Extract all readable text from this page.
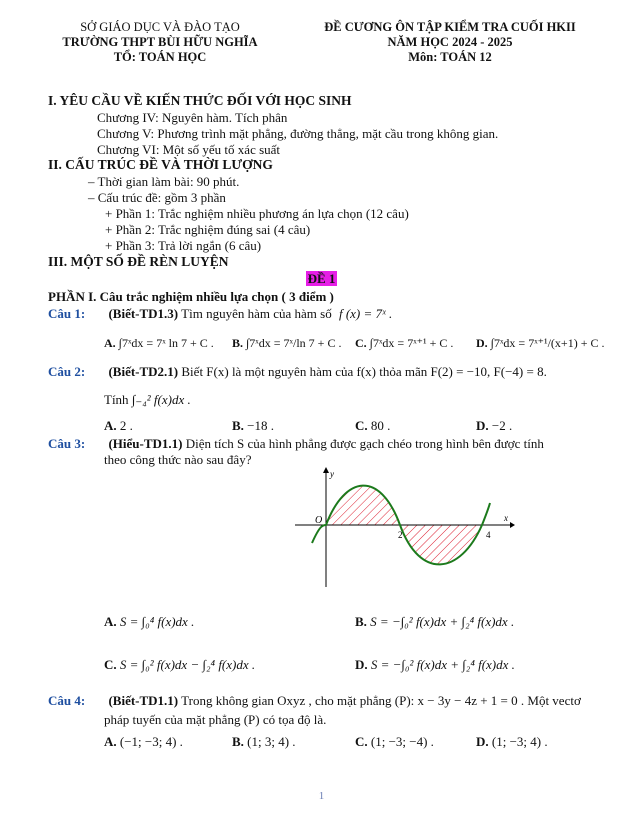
SỞ GIÁO DỤC VÀ ĐÀO TẠO
TRƯỜNG THPT BÙI HỮU NGHĨA
TỔ: TOÁN HỌC
ĐỀ CƯƠNG ÔN TẬP KIỂM TRA CUỐI HKII
NĂM HỌC 2024 - 2025
Môn: TOÁN 12
I. YÊU CẦU VỀ KIẾN THỨC ĐỐI VỚI HỌC SINH
Chương IV: Nguyên hàm. Tích phân
Chương V: Phương trình mặt phẳng, đường thẳng, mặt cầu trong không gian.
Chương VI: Một số yếu tố xác suất
II. CẤU TRÚC ĐỀ VÀ THỜI LƯỢNG
– Thời gian làm bài: 90 phút.
– Cấu trúc đề: gồm 3 phần
+ Phần 1: Trắc nghiệm nhiều phương án lựa chọn (12 câu)
+ Phần 2: Trắc nghiệm đúng sai (4 câu)
+ Phần 3: Trả lời ngắn (6 câu)
III. MỘT SỐ ĐỀ RÈN LUYỆN
ĐỀ 1
PHẦN I. Câu trắc nghiệm nhiều lựa chọn ( 3 điểm )
Câu 1: (Biết-TD1.3) Tìm nguyên hàm của hàm số f (x) = 7ˣ .
A. ∫7ˣdx = 7ˣ ln 7 + C . B. ∫7ˣdx = 7ˣ/ln 7 + C . C. ∫7ˣdx = 7ˣ⁺¹ + C . D. ∫7ˣdx = 7ˣ⁺¹/(x+1) + C .
Câu 2: (Biết-TD2.1) Biết F(x) là một nguyên hàm của f(x) thỏa mãn F(2) = −10, F(−4) = 8.
Tính ∫₋₄² f(x)dx .
A. 2 .	B. −18 .	C. 80 .	D. −2 .
Câu 3: (Hiểu-TD1.1) Diện tích S của hình phẳng được gạch chéo trong hình bên được tính
theo công thức nào sau đây?
y
x
O
2	4
A. S = ∫₀⁴ f(x)dx .	B. S = −∫₀² f(x)dx + ∫₂⁴ f(x)dx .
C. S = ∫₀² f(x)dx − ∫₂⁴ f(x)dx .	D. S = −∫₀² f(x)dx + ∫₂⁴ f(x)dx .
Câu 4: (Biết-TD1.1) Trong không gian Oxyz , cho mặt phẳng (P): x − 3y − 4z + 1 = 0 . Một vectơ
pháp tuyến của mặt phẳng (P) có tọa độ là.
A. (−1; −3; 4) .	B. (1; 3; 4) .	C. (1; −3; −4) .	D. (1; −3; 4) .
1
